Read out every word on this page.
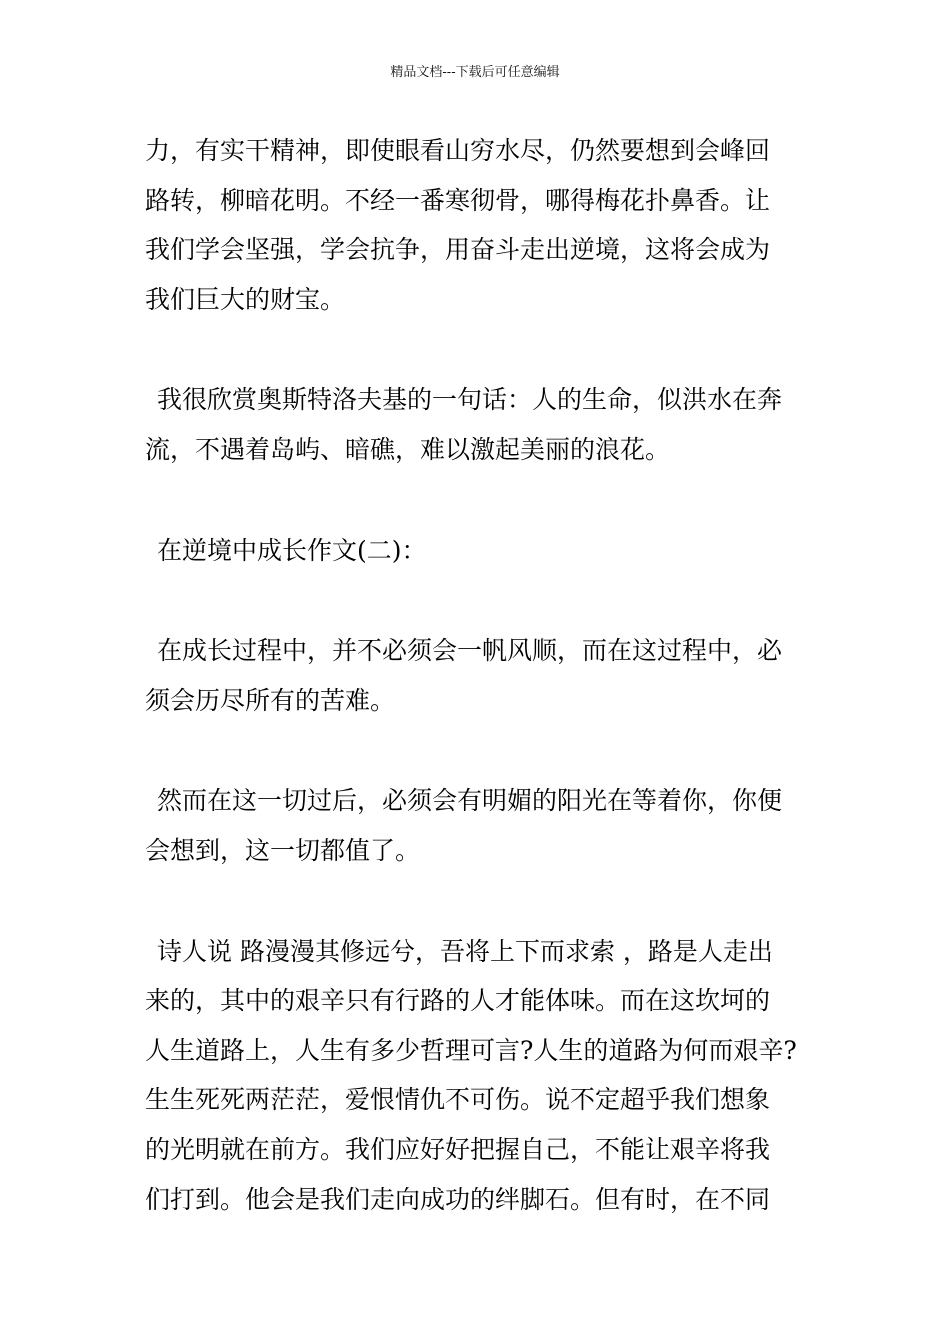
精品文档---下载后可任意编辑

力，有实干精神，即使眼看山穷水尽，仍然要想到会峰回
路转，柳暗花明。不经一番寒彻骨，哪得梅花扑鼻香。让
我们学会坚强，学会抗争，用奋斗走出逆境，这将会成为
我们巨大的财宝。

我很欣赏奥斯特洛夫基的一句话：人的生命，似洪水在奔
流，不遇着岛屿、暗礁，难以激起美丽的浪花。

在逆境中成长作文(二)：

在成长过程中，并不必须会一帆风顺，而在这过程中，必
须会历尽所有的苦难。

然而在这一切过后，必须会有明媚的阳光在等着你，你便
会想到，这一切都值了。

诗人说 路漫漫其修远兮，吾将上下而求索 ，路是人走出
来的，其中的艰辛只有行路的人才能体味。而在这坎坷的
人生道路上，人生有多少哲理可言?人生的道路为何而艰辛?
生生死死两茫茫，爱恨情仇不可伤。说不定超乎我们想象
的光明就在前方。我们应好好把握自己，不能让艰辛将我
们打到。他会是我们走向成功的绊脚石。但有时，在不同
